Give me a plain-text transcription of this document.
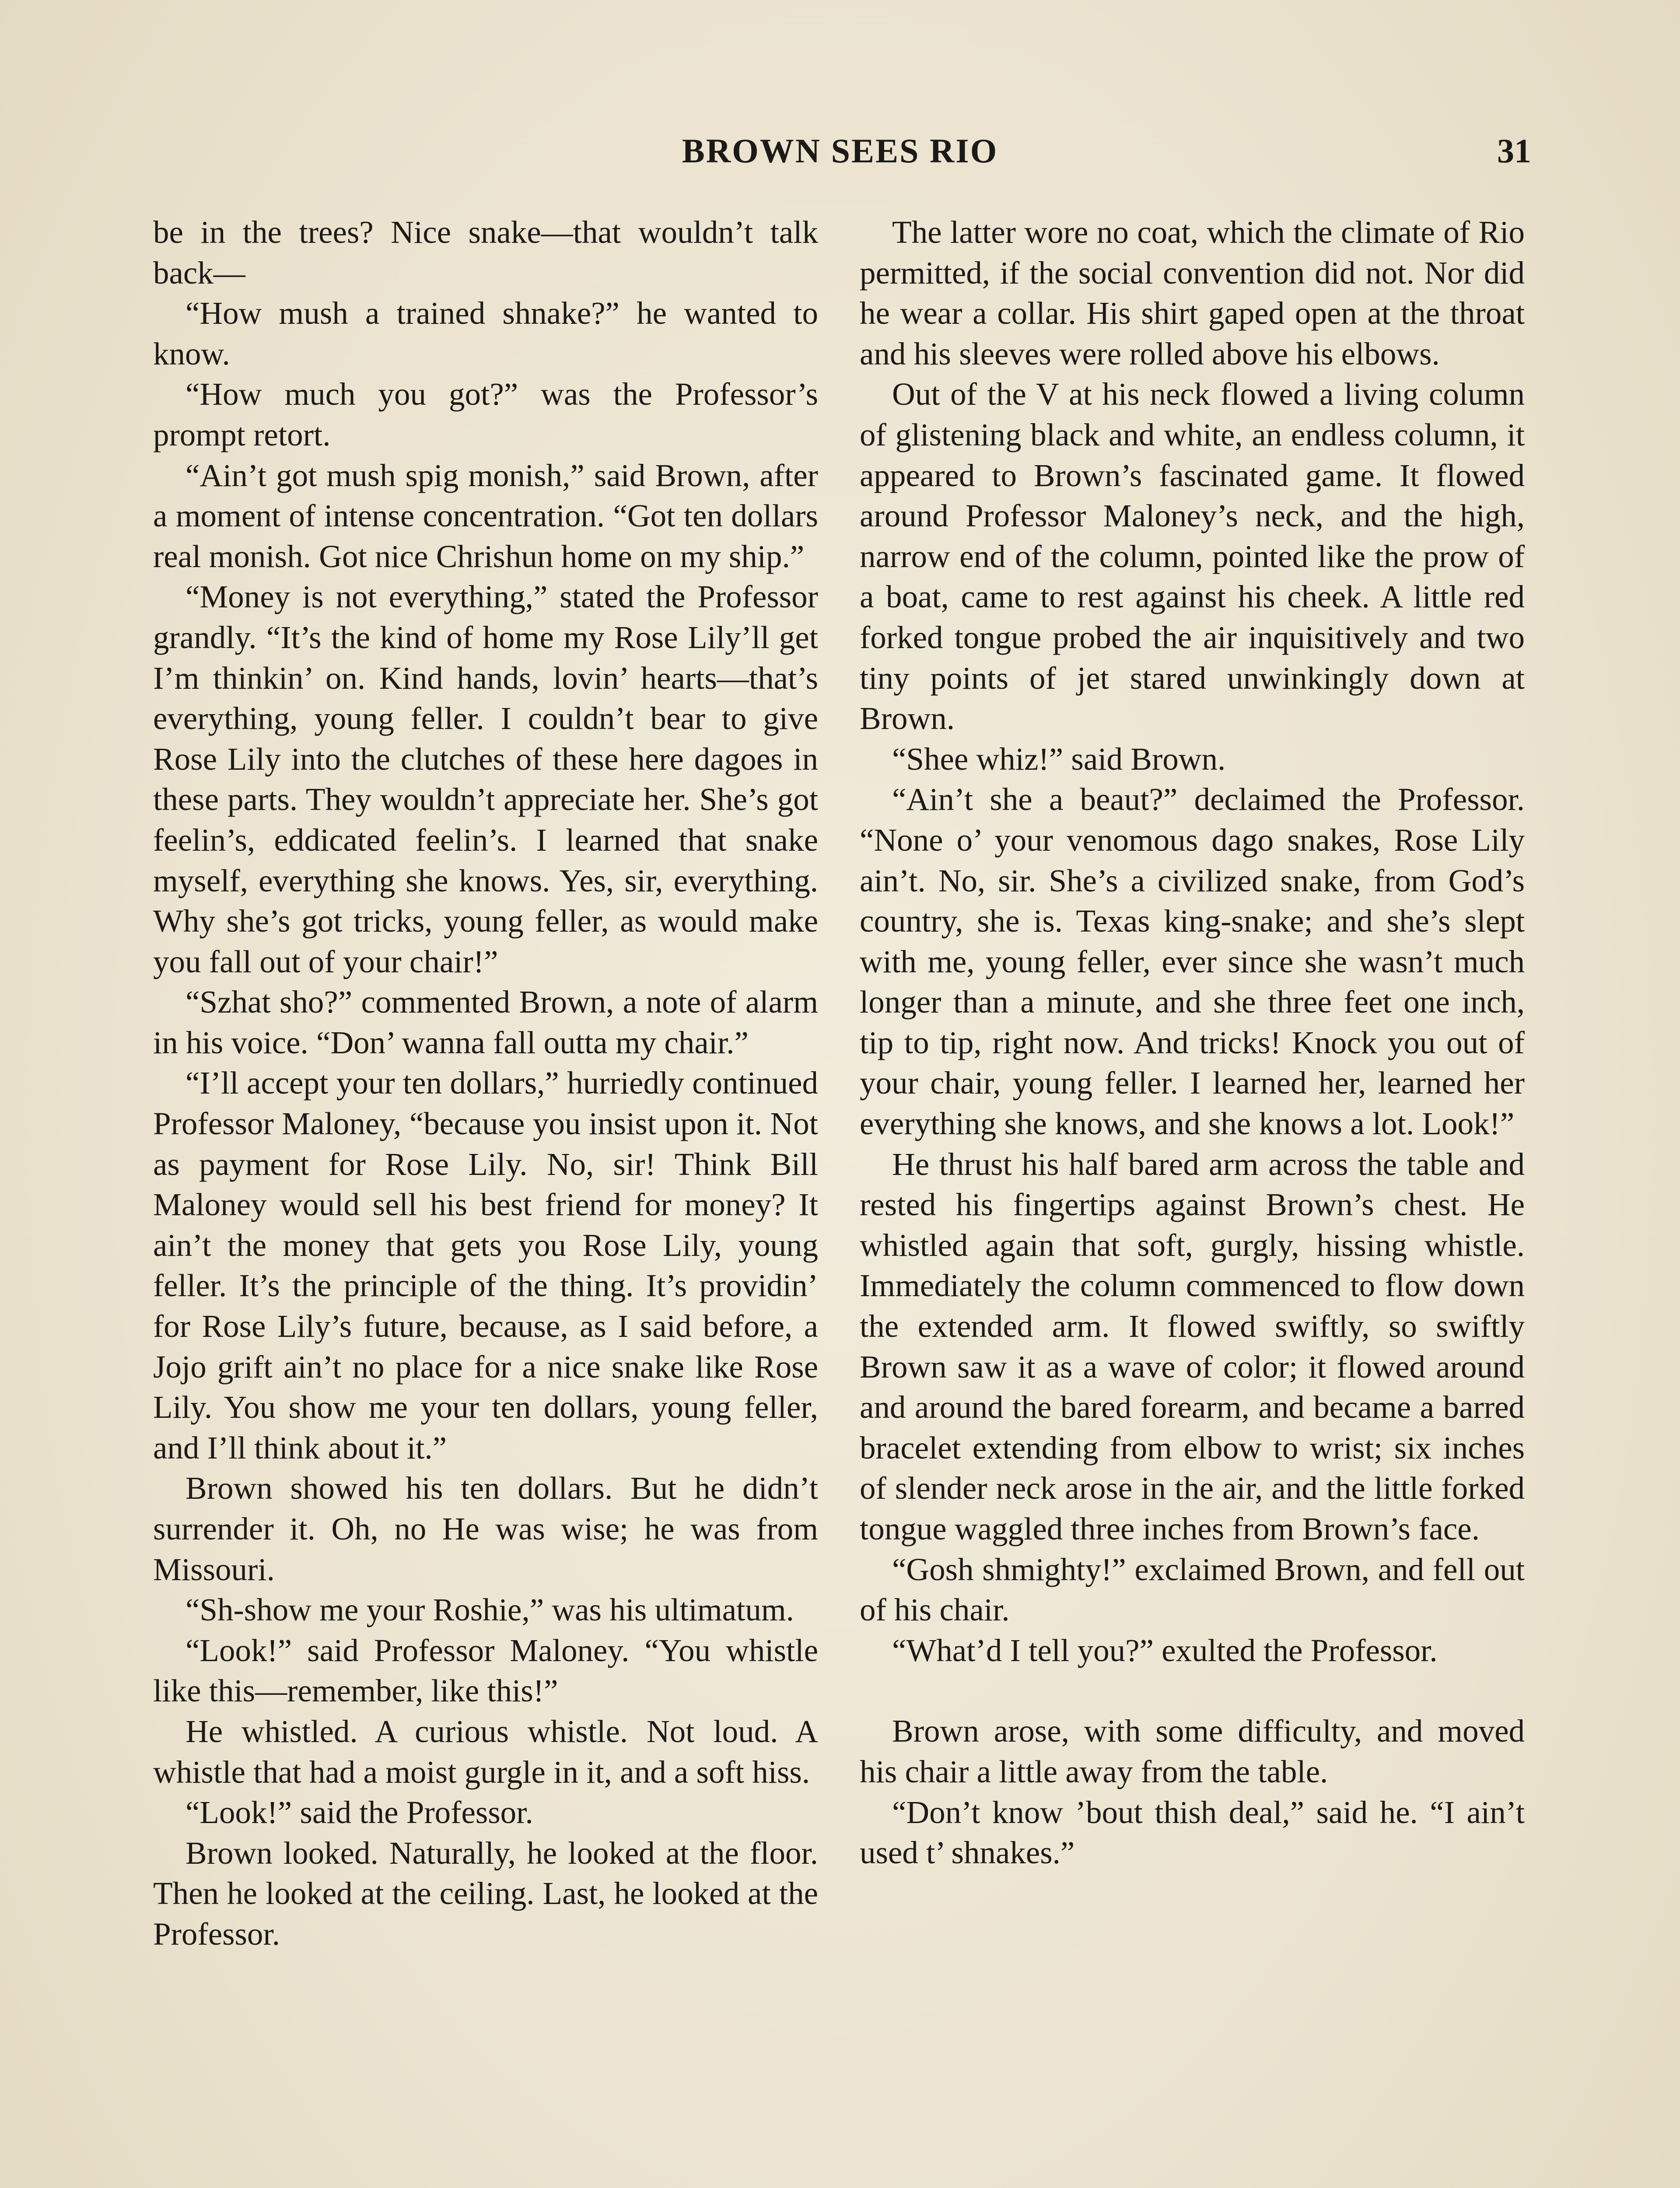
BROWN SEES RIO	31

be in the trees? Nice snake—that wouldn’t talk back—

“How mush a trained shnake?” he wanted to know.

“How much you got?” was the Professor’s prompt retort.

“Ain’t got mush spig monish,” said Brown, after a moment of intense concentration. “Got ten dollars real monish. Got nice Chrishun home on my ship.”

“Money is not everything,” stated the Professor grandly. “It’s the kind of home my Rose Lily’ll get I’m thinkin’ on. Kind hands, lovin’ hearts—that’s everything, young feller. I couldn’t bear to give Rose Lily into the clutches of these here dagoes in these parts. They wouldn’t appreciate her. She’s got feelin’s, eddicated feelin’s. I learned that snake myself, everything she knows. Yes, sir, everything. Why she’s got tricks, young feller, as would make you fall out of your chair!”

“Szhat sho?” commented Brown, a note of alarm in his voice. “Don’ wanna fall outta my chair.”

“I’ll accept your ten dollars,” hurriedly continued Professor Maloney, “because you insist upon it. Not as payment for Rose Lily. No, sir! Think Bill Maloney would sell his best friend for money? It ain’t the money that gets you Rose Lily, young feller. It’s the principle of the thing. It’s providin’ for Rose Lily’s future, because, as I said before, a Jojo grift ain’t no place for a nice snake like Rose Lily. You show me your ten dollars, young feller, and I’ll think about it.”

Brown showed his ten dollars. But he didn’t surrender it. Oh, no He was wise; he was from Missouri.

“Sh-show me your Roshie,” was his ultimatum.

“Look!” said Professor Maloney. “You whistle like this—remember, like this!”

He whistled. A curious whistle. Not loud. A whistle that had a moist gurgle in it, and a soft hiss.

“Look!” said the Professor.

Brown looked. Naturally, he looked at the floor. Then he looked at the ceiling. Last, he looked at the Professor.

The latter wore no coat, which the climate of Rio permitted, if the social convention did not. Nor did he wear a collar. His shirt gaped open at the throat and his sleeves were rolled above his elbows.

Out of the V at his neck flowed a living column of glistening black and white, an endless column, it appeared to Brown’s fascinated game. It flowed around Professor Maloney’s neck, and the high, narrow end of the column, pointed like the prow of a boat, came to rest against his cheek. A little red forked tongue probed the air inquisitively and two tiny points of jet stared unwinkingly down at Brown.

“Shee whiz!” said Brown.

“Ain’t she a beaut?” declaimed the Professor. “None o’ your venomous dago snakes, Rose Lily ain’t. No, sir. She’s a civilized snake, from God’s country, she is. Texas king-snake; and she’s slept with me, young feller, ever since she wasn’t much longer than a minute, and she three feet one inch, tip to tip, right now. And tricks! Knock you out of your chair, young feller. I learned her, learned her everything she knows, and she knows a lot. Look!”

He thrust his half bared arm across the table and rested his fingertips against Brown’s chest. He whistled again that soft, gurgly, hissing whistle. Immediately the column commenced to flow down the extended arm. It flowed swiftly, so swiftly Brown saw it as a wave of color; it flowed around and around the bared forearm, and became a barred bracelet extending from elbow to wrist; six inches of slender neck arose in the air, and the little forked tongue waggled three inches from Brown’s face.

“Gosh shmighty!” exclaimed Brown, and fell out of his chair.

“What’d I tell you?” exulted the Professor.

Brown arose, with some difficulty, and moved his chair a little away from the table.

“Don’t know ’bout thish deal,” said he. “I ain’t used t’ shnakes.”
